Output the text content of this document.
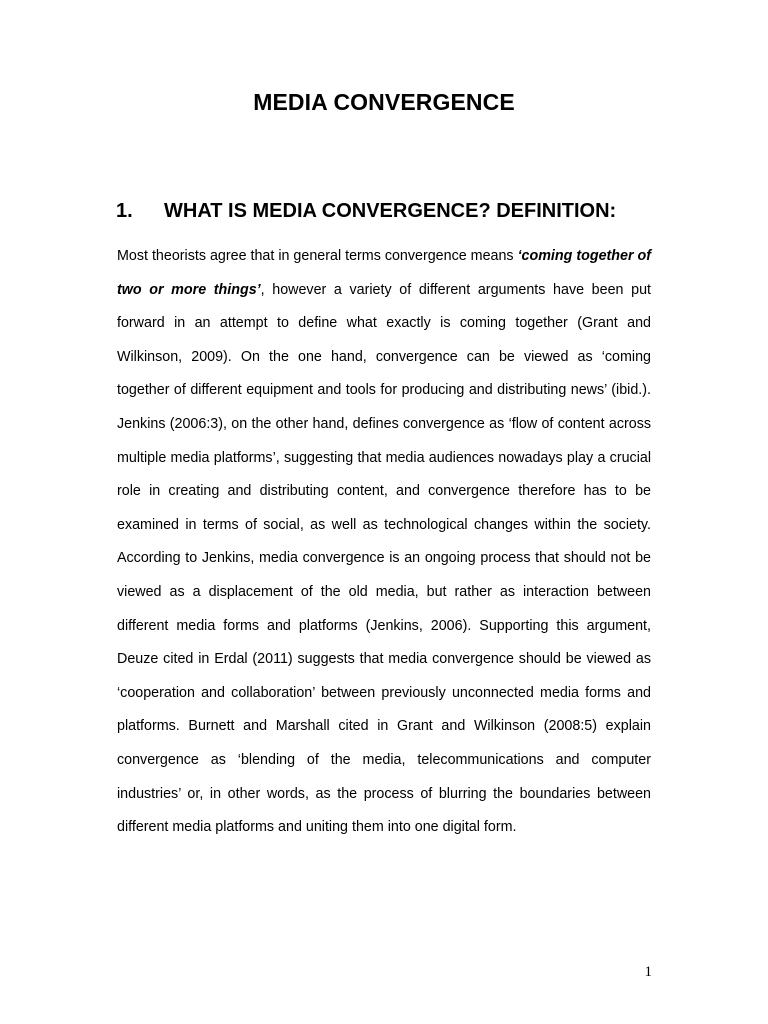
MEDIA CONVERGENCE
1. WHAT IS MEDIA CONVERGENCE? DEFINITION:
Most theorists agree that in general terms convergence means ‘coming together of two or more things’, however a variety of different arguments have been put forward in an attempt to define what exactly is coming together (Grant and Wilkinson, 2009). On the one hand, convergence can be viewed as ‘coming together of different equipment and tools for producing and distributing news’ (ibid.). Jenkins (2006:3), on the other hand, defines convergence as ‘flow of content across multiple media platforms’, suggesting that media audiences nowadays play a crucial role in creating and distributing content, and convergence therefore has to be examined in terms of social, as well as technological changes within the society. According to Jenkins, media convergence is an ongoing process that should not be viewed as a displacement of the old media, but rather as interaction between different media forms and platforms (Jenkins, 2006). Supporting this argument, Deuze cited in Erdal (2011) suggests that media convergence should be viewed as ‘cooperation and collaboration’ between previously unconnected media forms and platforms. Burnett and Marshall cited in Grant and Wilkinson (2008:5) explain convergence as ‘blending of the media, telecommunications and computer industries’ or, in other words, as the process of blurring the boundaries between different media platforms and uniting them into one digital form.
1
